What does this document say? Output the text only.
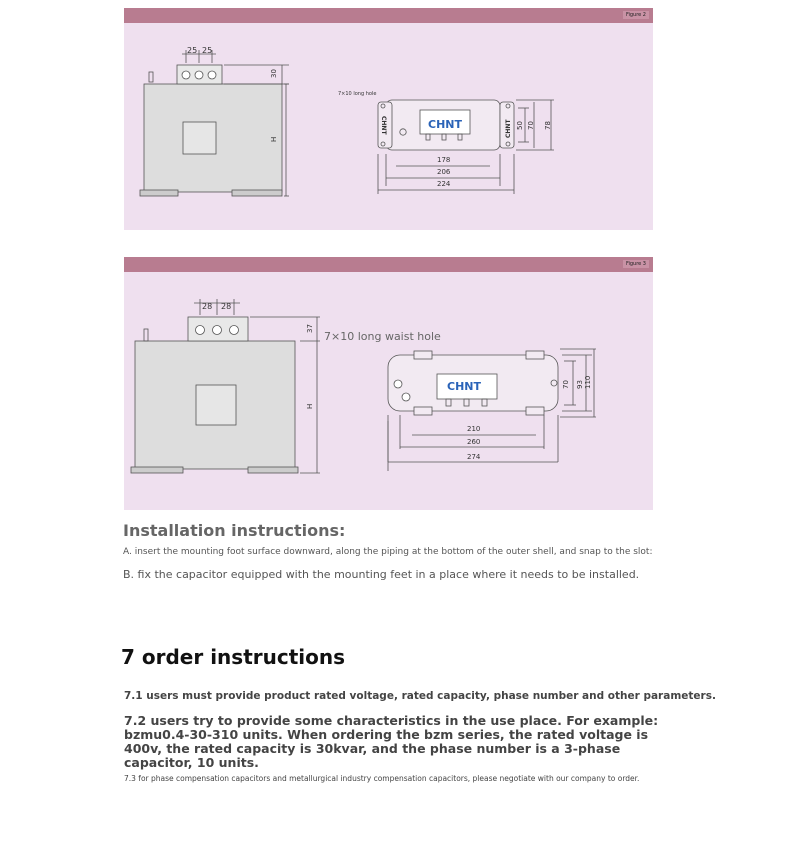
Figure 2
25 25
30
H
7×10 long hole
CHNT
CHNT	CHNT 50 70 78
178
206
224
Figure 3
28 28
37
H
7×10 long waist hole
CHNT	70 93 110
210
260
274
Installation instructions:
A. insert the mounting foot surface downward, along the piping at the bottom of the outer shell, and snap to the slot:
B. fix the capacitor equipped with the mounting feet in a place where it needs to be installed.
7 order instructions
7.1 users must provide product rated voltage, rated capacity, phase number and other parameters.
7.2 users try to provide some characteristics in the use place. For example: bzmu0.4-30-310 units. When ordering the bzm series, the rated voltage is 400v, the rated capacity is 30kvar, and the phase number is a 3-phase capacitor, 10 units.
7.3 for phase compensation capacitors and metallurgical industry compensation capacitors, please negotiate with our company to order.
